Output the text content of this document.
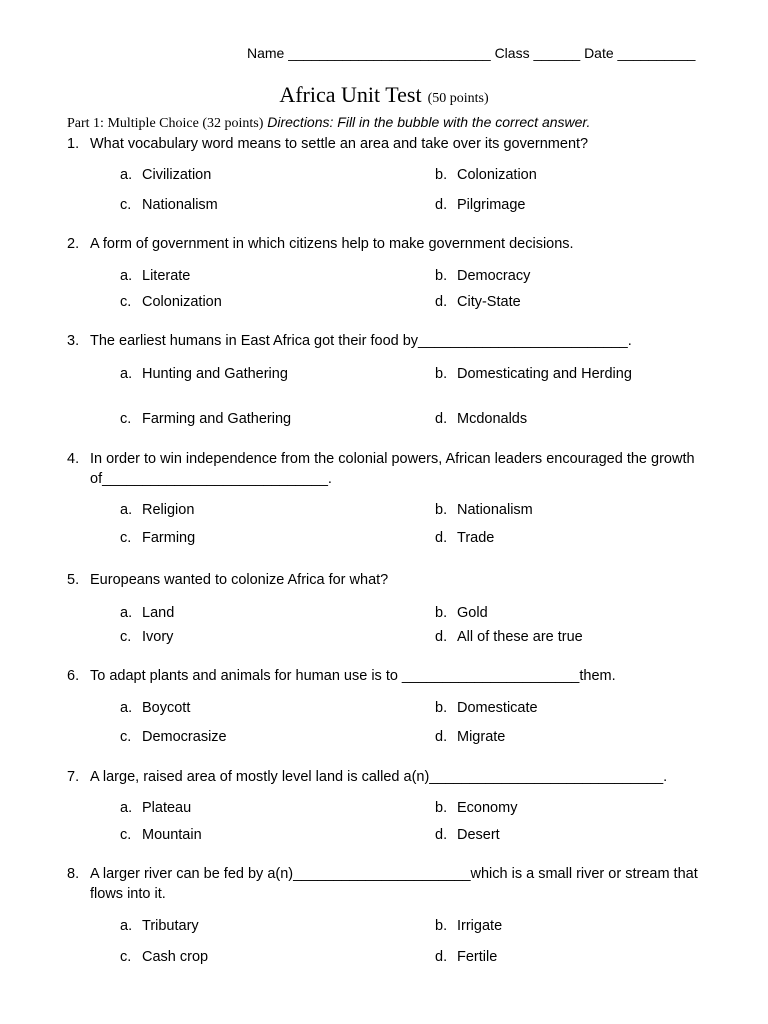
Name __________________________ Class ______ Date __________
Africa Unit Test (50 points)
Part 1: Multiple Choice (32 points) Directions: Fill in the bubble with the correct answer.
1. What vocabulary word means to settle an area and take over its government?
a. Civilization	b. Colonization
c. Nationalism	d. Pilgrimage
2. A form of government in which citizens help to make government decisions.
a. Literate	b. Democracy
c. Colonization	d. City-State
3. The earliest humans in East Africa got their food by__________________________.
a. Hunting and Gathering	b. Domesticating and Herding
c. Farming and Gathering	d. Mcdonalds
4. In order to win independence from the colonial powers, African leaders encouraged the growth of____________________________.
a. Religion	b. Nationalism
c. Farming	d. Trade
5. Europeans wanted to colonize Africa for what?
a. Land	b. Gold
c. Ivory	d. All of these are true
6. To adapt plants and animals for human use is to ______________________them.
a. Boycott	b. Domesticate
c. Democrasize	d. Migrate
7. A large, raised area of mostly level land is called a(n)_____________________________.
a. Plateau	b. Economy
c. Mountain	d. Desert
8. A larger river can be fed by a(n)______________________which is a small river or stream that flows into it.
a. Tributary	b. Irrigate
c. Cash crop	d. Fertile
